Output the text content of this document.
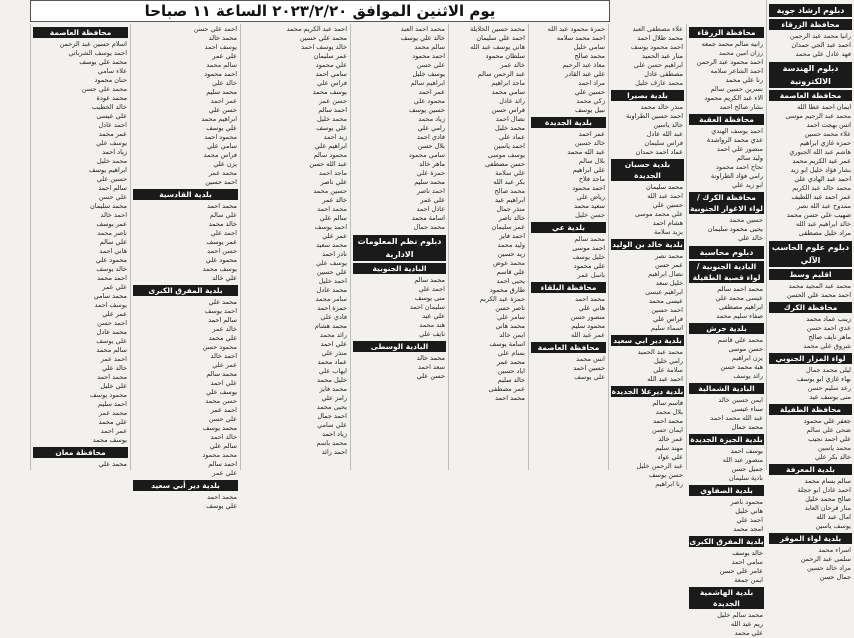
يوم الاثنين الموافق ٢٠٢٣/٢/٢٠ الساعة ١١ صباحا	دبلوم ارشاد جوية
محافظة الزرقاء
رانيا محمد عبد الرحمن
احمد عبد الحي حمدان
فهد عادل علي محمد
دبلوم الهندسة الالكترونية
محافظة العاصمة
ايمان احمد عطا الله
محمد عبد الرحيم موسى
انس بهجت احمد
علاء محمد حسين
حمزه غازي ابراهيم
هاشم عبد الله الجبوري
عمر عيد الكريم محمد
بشار فؤاد خليل ابو زيد
احمد عبد الهادي علي
محمد خالد عبد الكريم
عمر احمد عبد اللطيف
ممدوح عبد الله نصر
صهيب علي حسن محمد
خالد ابراهيم عبد الله
مراد خليل مصطفى
دبلوم علوم الحاسب الآلي
اقليم وسط
محمد عبد المجيد محمد
احمد محمد علي الحسن
محافظة الكرك
زينب عماد محمد
عدي احمد حسن
ماهر نايف صالح
شروق علي محمد
لواء المزار الجنوبي
ليلى محمد جمال
بهاء غازي ابو يوسف
رعد سليم حسن
منى يوسف عيد
محافظة الطفيلة
جعفر علي محمود
ضحى علي سالم
علي احمد نجيب
محمد ياسين
خالد بكر علي
بلدية المعرفة
سالم بسام محمد
احمد عادل ابو حجلة
صالح محمد خليل
منار فرحان العابد
امال عبد الله
يوسف ياسين
بلدية لواء الموقر
اسراء محمد
سلمى عبد الرحمن
مراد خالد حسين
جمال حسن
محافظة الزرقاء
رانيه سالم محمد جمعه
رزان امين محمد
احمد محمود عبد الرحمن
احمد الشاعر سلامه
رنا علي محمد
نسرين حسين سالم
الاء عبد الكريم محمود
بشار صالح احمد
محافظة العقبة
احمد يوسف الهندي
عدي محمد الرواشدة
منصور علي احمد
وليد سالم
نجاح احمد محمود
رامي فؤاد الطراونة
ابو زيد علي
محافظة الكرك / لواء الاغوار الجنوبية
حسين محمد
يحيى محمود سليمان
خالد علي
دبلوم محاسبة
البادية الجنوبية / لواء قصبة الطفيلة
محمد احمد سالم
عيسى محمد علي
ابراهيم مصطفى
صفاء سليم محمد
بلدية جرش
محمد علي قاسم
حسن موسى
يزن ابراهيم
هبة محمد حسن
رائد يوسف
البادية الشمالية
ايمن حسين خالد
سناء عيسى
عبد الله محمد احمد
محمد جمال
بلدية الجيزة الجديدة
يوسف احمد
منصور عبد الله
جميل حسن
نادية سليمان
بلدية الصفاوي
محمود ناصر
هاني خليل
احمد علي
امجد محمد
بلدية المفرق الكبرى
خالد يوسف
سامي احمد
عامر علي حسن
ايمن جمعة
بلدية الهاشمية الجديدة
محمد سالم خليل
ريم عبد الله
علي محمد
علاء مصطفى العبد
محمد طلال احمد
احمد محمود يوسف
منار عبد الحميد
ابراهيم حسن علي
مصطفى عادل
محمد عارف خليل
بلدية بصيرا
منذر خالد محمد
احمد حسين الطراونة
خالد ياسين
عبد الله عادل
فراس سليمان
عماد احمد حمدان
بلدية حسبان الجديدة
محمد سليمان
احمد عبد الله
حسين علي
علي محمد موسى
هشام احمد
يزيد سلامة
بلدية خالد بن الوليد
محمد نصر
عمر حسن
نضال ابراهيم
خليل سعد
ابراهيم عيسى
عيسى محمد
احمد حسين
فراس علي
اسماء سليم
بلدية دير ابي سعيد
محمد عبد الحميد
رامي خليل
سلامة علي
احمد عبد الله
بلدية ديرعلا الجديدة
قاسم سالم
بلال محمد
محمد احمد
ايمان حسن
عمر خالد
مهند سليم
علي عواد
عبد الرحمن خليل
حسن يوسف
رنا ابراهيم
حمزة محمود عبد الله
احمد محمد سلامه
سامي خليل
محمد صالح
معاذ عبد الرحيم
علي عبد القادر
مراد احمد
حسين علي
زكي محمد
نبيل يوسف
بلدية الجديدة
عمر احمد
خالد حسين
عبد الله محمد
بلال سالم
علي ابراهيم
ماجد فلاح
احمد محمود
رياض علي
سعيد محمد
حسن خليل
بلدية عي
محمد سالم
احمد موسى
خليل يوسف
علي محمود
باسل عمر
محافظة البلقاء
محمد احمد
هاني علي
منصور حسن
محمود سليم
عمر عبد الله
محافظة العاصمة
انس محمد
حسين احمد
علي يوسف
محمد حسين الخلايلة
احمد علي سليمان
هاني يوسف عبد الله
سلطان محمود
خالد عمر
عبد الرحمن سالم
ماجد ابراهيم
سامي محمد
رائد عادل
فراس حسن
نضال احمد
محمد خليل
عماد علي
احمد ياسين
يوسف موسى
حسن مصطفى
علي سلامة
بكر عبد الله
محمد صالح
ابراهيم عيد
منذر جمال
خالد ناصر
عمر سليمان
احمد فايز
وليد محمد
زيد حسين
محمد عوض
علي قاسم
يحيى احمد
طارق محمود
حمزة عبد الكريم
ناصر حسن
سامر علي
محمد هاني
ايمن خالد
اسامة يوسف
بسام علي
محمد عمر
اياد حسين
خالد سليم
عمر مصطفى
محمد احمد
محمد احمد العبد
خالد علي يوسف
سالم محمد
احمد محمود
علي حسن
يوسف خليل
ابراهيم سالم
عمر احمد
محمود علي
حسين يوسف
زياد محمد
رامي علي
فادي احمد
بلال حسن
سامي محمود
ماهر خالد
حمزة علي
محمد سليم
احمد ناصر
علي عمر
عادل احمد
اسامة محمد
محمد جمال
دبلوم نظم المعلومات الادارية
البادية الجنوبية
محمد سالم
احمد علي
منى يوسف
سليمان احمد
علي عيد
هند محمد
نايف علي
البادية الوسطى
محمد خالد
سعد احمد
حسن علي
احمد عبد الكريم محمد
محمد علي حسين
خالد يوسف احمد
عمر سليمان
علي محمود
سامي احمد
فراس علي
يوسف محمد
حسن عمر
احمد سالم
محمد خليل
علي يوسف
زيد احمد
ابراهيم علي
محمود سالم
عبد الله حسن
ماجد احمد
علي ناصر
حسين محمد
خالد عمر
محمد احمد
سالم علي
احمد يوسف
عمر علي
محمد سعيد
نادر احمد
يوسف علي
علي حسين
احمد خليل
محمد عادل
سامر محمد
حمزة احمد
فادي علي
محمد هشام
رائد محمد
علي احمد
منذر علي
عماد محمد
ايهاب علي
خليل محمد
محمد فايز
رامز علي
يحيى محمد
احمد جمال
علي سامي
زياد احمد
محمد باسم
احمد رائد
احمد علي حسن
محمد خالد
يوسف احمد
علي عمر
سالم محمد
احمد محمود
خالد علي
محمد سليم
عمر احمد
حسن علي
ابراهيم محمد
علي يوسف
محمود احمد
سامي علي
فراس محمد
يزن علي
محمد عمر
احمد حسين
بلدية القادسية
محمد احمد
علي سالم
خالد محمد
احمد علي
عمر يوسف
حسن احمد
محمود علي
يوسف محمد
علي خالد
بلدية المفرق الكبرى
محمد علي
احمد يوسف
سالم احمد
خالد عمر
علي محمد
محمود حسن
احمد خالد
عمر علي
محمد سالم
علي احمد
يوسف علي
حسن محمد
احمد عمر
علي حسن
محمد يوسف
خالد احمد
سالم علي
محمد محمود
احمد سالم
علي عمر
بلدية دير أبي سعيد
محمد احمد
علي يوسف
محافظة العاصمة
اسلام حسين عبد الرحمن
احمد يوسف الشرباتي
محمد علي يوسف
علاء سامي
حنان محمود
محمد علي حسن
محمد عودة
خالد الخطيب
علي عيسى
احمد عادل
عمر محمد
يوسف علي
زياد احمد
محمد خليل
ابراهيم يوسف
حسين علي
سالم احمد
علي حسن
محمد سليمان
احمد خالد
عمر يوسف
ناصر محمد
علي سالم
هاني احمد
محمود علي
خالد يوسف
احمد محمد
علي عمر
محمد سامي
يوسف احمد
عمر علي
احمد حسن
محمد عادل
علي يوسف
سالم محمد
احمد عمر
خالد علي
محمد احمد
علي خليل
محمود يوسف
احمد سليم
محمد عمر
علي محمد
عمر احمد
يوسف محمد
محافظة معان
محمد علي
